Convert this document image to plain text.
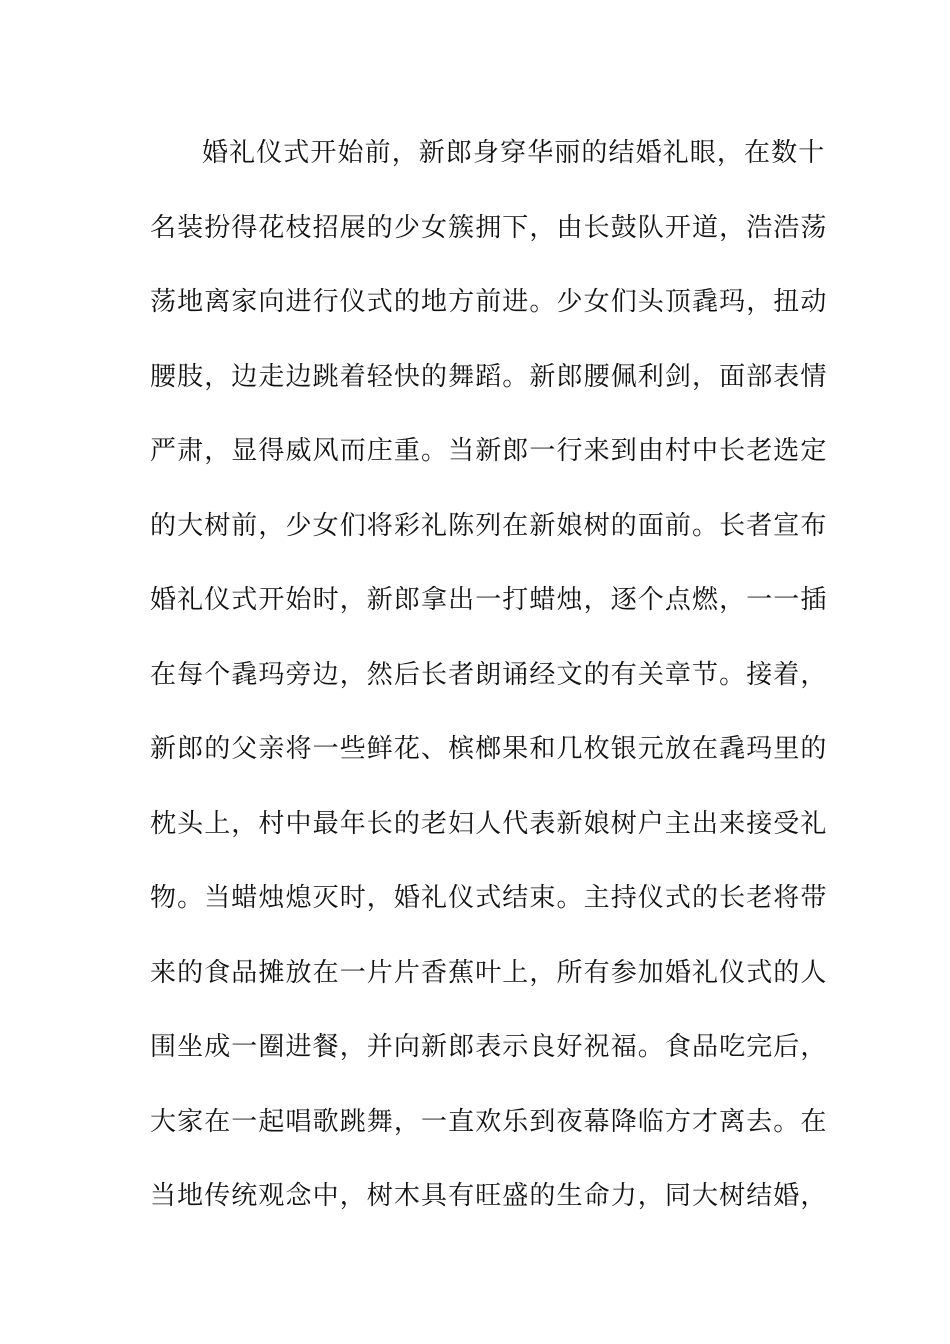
婚礼仪式开始前，新郎身穿华丽的结婚礼眼，在数十
名装扮得花枝招展的少女簇拥下，由长鼓队开道，浩浩荡
荡地离家向进行仪式的地方前进。少女们头顶毳玛，扭动
腰肢，边走边跳着轻快的舞蹈。新郎腰佩利剑，面部表情
严肃，显得威风而庄重。当新郎一行来到由村中长老选定
的大树前，少女们将彩礼陈列在新娘树的面前。长者宣布
婚礼仪式开始时，新郎拿出一打蜡烛，逐个点燃，一一插
在每个毳玛旁边，然后长者朗诵经文的有关章节。接着，
新郎的父亲将一些鲜花、槟榔果和几枚银元放在毳玛里的
枕头上，村中最年长的老妇人代表新娘树户主出来接受礼
物。当蜡烛熄灭时，婚礼仪式结束。主持仪式的长老将带
来的食品摊放在一片片香蕉叶上，所有参加婚礼仪式的人
围坐成一圈进餐，并向新郎表示良好祝福。食品吃完后，
大家在一起唱歌跳舞，一直欢乐到夜幕降临方才离去。在
当地传统观念中，树木具有旺盛的生命力，同大树结婚，
